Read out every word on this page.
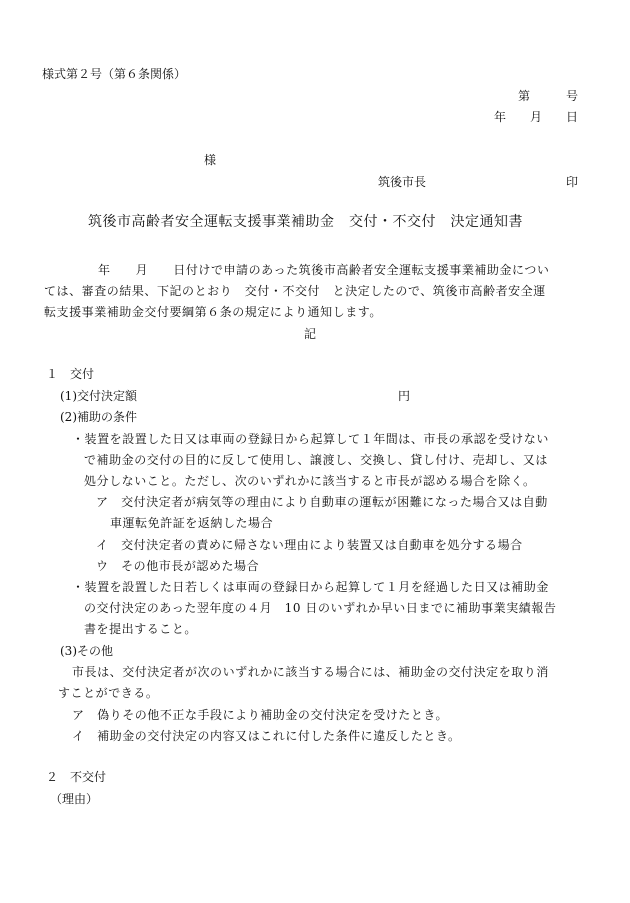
様式第２号（第６条関係）
第　　　号
年　　月　　日
様
筑後市長	印
筑後市高齢者安全運転支援事業補助金　交付・不交付　決定通知書
年　　月　　日付けで申請のあった筑後市高齢者安全運転支援事業補助金につい
ては、審査の結果、下記のとおり　交付・不交付　と決定したので、筑後市高齢者安全運
転支援事業補助金交付要綱第６条の規定により通知します。
記
１　交付
(1)交付決定額	円
(2)補助の条件
・装置を設置した日又は車両の登録日から起算して１年間は、市長の承認を受けない
で補助金の交付の目的に反して使用し、譲渡し、交換し、貸し付け、売却し、又は
処分しないこと。ただし、次のいずれかに該当すると市長が認める場合を除く。
ア　交付決定者が病気等の理由により自動車の運転が困難になった場合又は自動
車運転免許証を返納した場合
イ　交付決定者の責めに帰さない理由により装置又は自動車を処分する場合
ウ　その他市長が認めた場合
・装置を設置した日若しくは車両の登録日から起算して１月を経過した日又は補助金
の交付決定のあった翌年度の４月　10 日のいずれか早い日までに補助事業実績報告
書を提出すること。
(3)その他
市長は、交付決定者が次のいずれかに該当する場合には、補助金の交付決定を取り消
すことができる。
ア　偽りその他不正な手段により補助金の交付決定を受けたとき。
イ　補助金の交付決定の内容又はこれに付した条件に違反したとき。
２　不交付
（理由）
